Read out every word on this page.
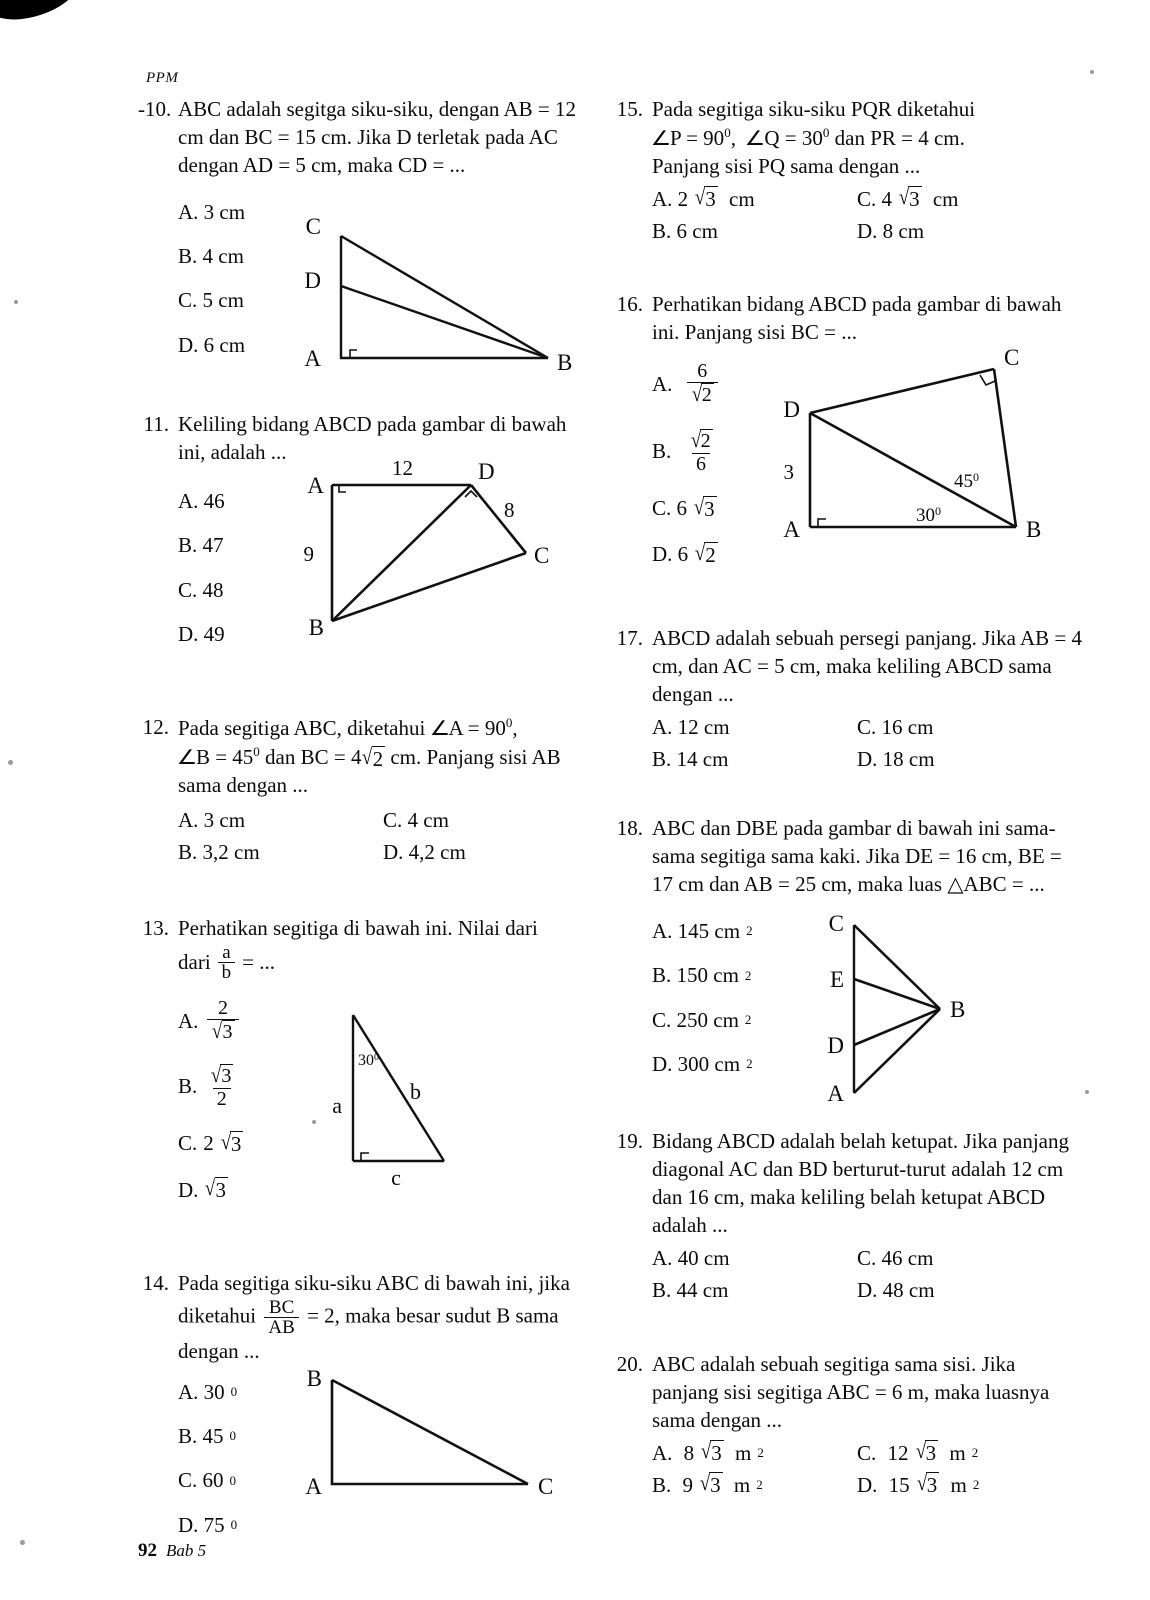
PPM
-10. ABC adalah segitga siku-siku, dengan AB = 12 cm dan BC = 15 cm. Jika D terletak pada AC dengan AD = 5 cm, maka CD = ...
A. 3 cm
B. 4 cm
C. 5 cm
D. 6 cm
C
D
A	B
11. Keliling bidang ABCD pada gambar di bawah ini, adalah ...
A. 46
B. 47
C. 48
D. 49
A
D
C
B
12
8
9
12. Pada segitiga ABC, diketahui ∠A = $90^0$,
∠B = $45^0$ dan BC = 4 √ 2 cm. Panjang sisi AB sama dengan ...
A. 3 cm	C. 4 cm
B. 3,2 cm	D. 4,2 cm
13. Perhatikan segitiga di bawah ini. Nilai dari
dari $\frac{a}{b}$ = ...
A. $\frac{2}{√ 3}$
B. $\frac{√ 3}{2}$
C. 2 √ 3
D. √ 3
$30^0$
a
b
c
14. Pada segitiga siku-siku ABC di bawah ini, jika diketahui $\frac{BC}{AB} = 2$, maka besar sudut B sama dengan ...
A. 30 0
B. 45 0
C. 60 0
D. 75 0
B
A	C
15. Pada segitiga siku-siku PQR diketahui
∠P = $90^0$,  ∠Q = $30^0$ dan PR = 4 cm.
Panjang sisi PQ sama dengan ...
A. 2 √ 3 cm	C. 4 √ 3 cm
B. 6 cm	D. 8 cm
16. Perhatikan bidang ABCD pada gambar di bawah ini. Panjang sisi BC = ...
A. $\frac{6}{√ 2}$
B. $\frac{√ 2}{6}$
C. 6 √ 3
D. 6 √ 2
D
C
A	B
3	$45^0$
$30^0$
17. ABCD adalah sebuah persegi panjang. Jika AB = 4 cm, dan AC = 5 cm, maka keliling ABCD sama dengan ...
A. 12 cm	C. 16 cm
B. 14 cm	D. 18 cm
18. ABC dan DBE pada gambar di bawah ini sama-sama segitiga sama kaki. Jika DE = 16 cm, BE = 17 cm dan AB = 25 cm, maka luas △ABC = ...
A. 145 cm 2
B. 150 cm 2
C. 250 cm 2
D. 300 cm 2
C
E
D
A
B
19. Bidang ABCD adalah belah ketupat. Jika panjang diagonal AC dan BD berturut-turut adalah 12 cm dan 16 cm, maka keliling belah ketupat ABCD adalah ...
A. 40 cm	C. 46 cm
B. 44 cm	D. 48 cm
20. ABC adalah sebuah segitiga sama sisi. Jika panjang sisi segitiga ABC = 6 m, maka luasnya sama dengan ...
A. 8 √ 3 m 2	C. 12 √ 3 m 2
B. 9 √ 3 m 2	D. 15 √ 3 m 2
92 Bab 5
